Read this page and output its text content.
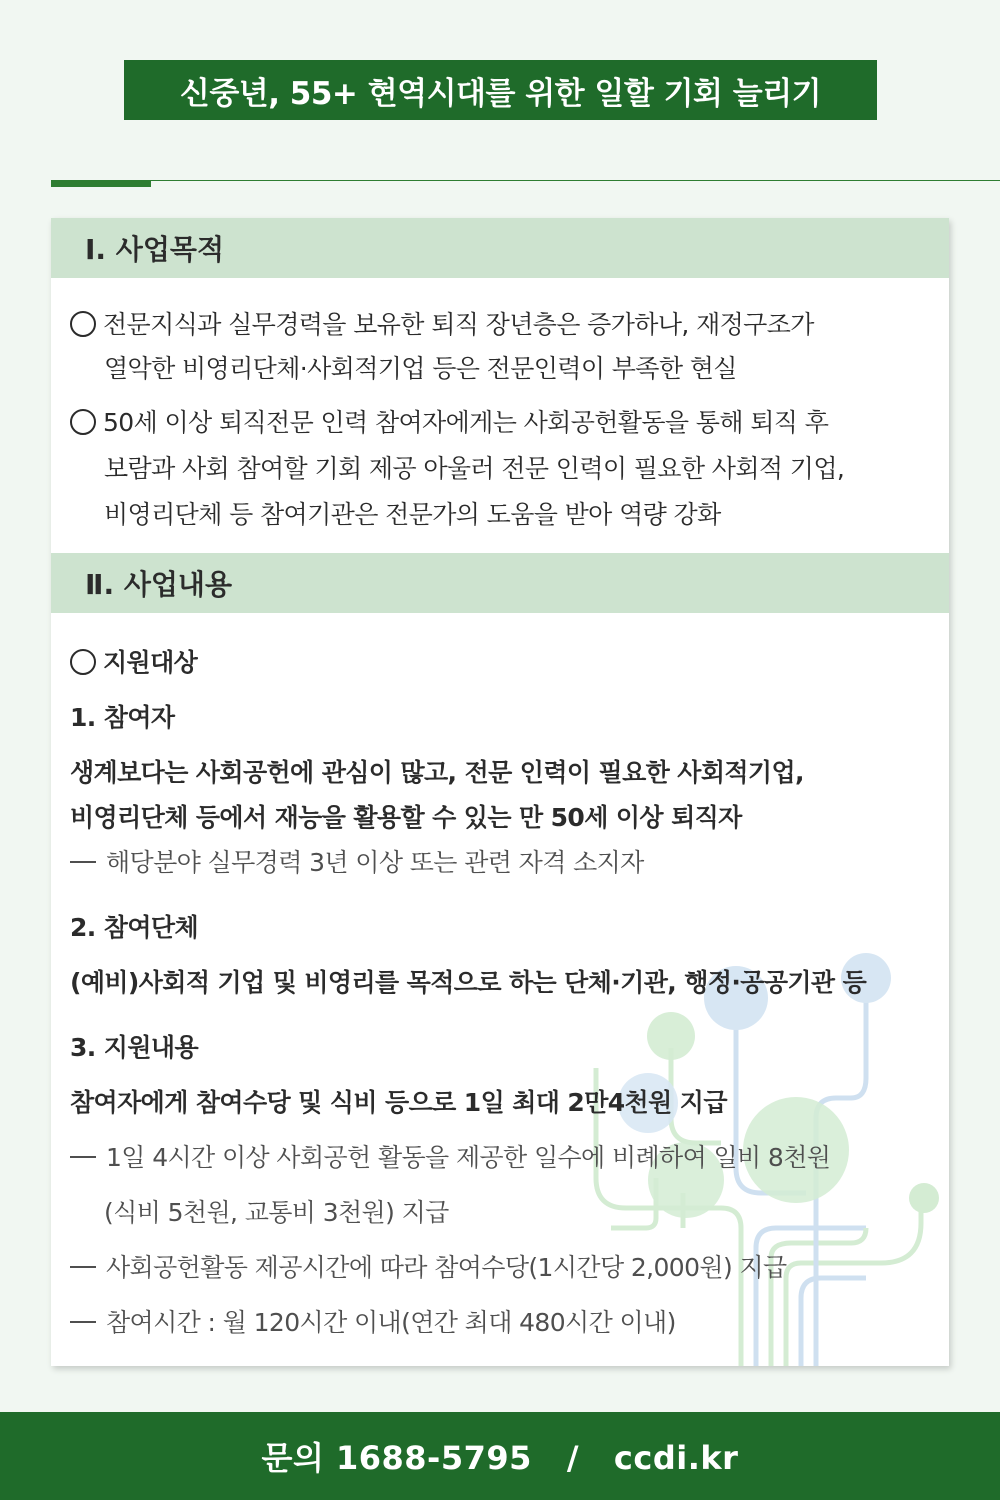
신중년, 55+ 현역시대를 위한 일할 기회 늘리기
Ⅰ. 사업목적
전문지식과 실무경력을 보유한 퇴직 장년층은 증가하나, 재정구조가
열악한 비영리단체·사회적기업 등은 전문인력이 부족한 현실
50세 이상 퇴직전문 인력 참여자에게는 사회공헌활동을 통해 퇴직 후
보람과 사회 참여할 기회 제공 아울러 전문 인력이 필요한 사회적 기업,
비영리단체 등 참여기관은 전문가의 도움을 받아 역량 강화
Ⅱ. 사업내용
지원대상
1. 참여자
생계보다는 사회공헌에 관심이 많고, 전문 인력이 필요한 사회적기업,
비영리단체 등에서 재능을 활용할 수 있는 만 50세 이상 퇴직자
해당분야 실무경력 3년 이상 또는 관련 자격 소지자
2. 참여단체
(예비)사회적 기업 및 비영리를 목적으로 하는 단체·기관, 행정·공공기관 등
3. 지원내용
참여자에게 참여수당 및 식비 등으로 1일 최대 2만4천원 지급
1일 4시간 이상 사회공헌 활동을 제공한 일수에 비례하여 일비 8천원
(식비 5천원, 교통비 3천원) 지급
사회공헌활동 제공시간에 따라 참여수당(1시간당 2,000원) 지급
참여시간 : 월 120시간 이내(연간 최대 480시간 이내)
문의 1688-5795   /   ccdi.kr
